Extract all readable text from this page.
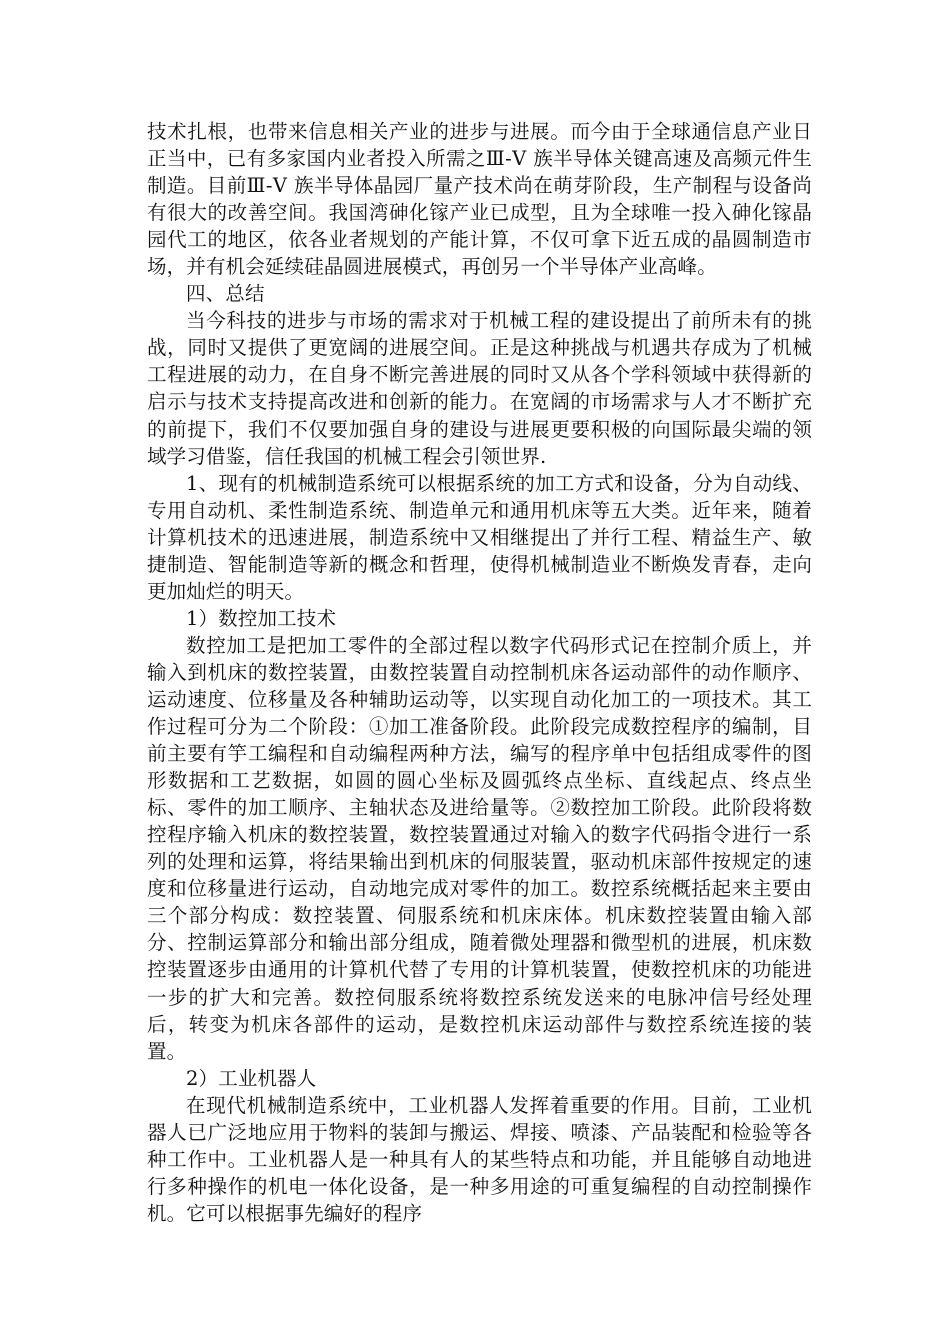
技术扎根，也带来信息相关产业的进步与进展。而今由于全球通信息产业日正当中，已有多家国内业者投入所需之Ⅲ-Ⅴ 族半导体关键高速及高频元件生制造。目前Ⅲ-Ⅴ 族半导体晶园厂量产技术尚在萌芽阶段，生产制程与设备尚有很大的改善空间。我国湾砷化镓产业已成型，且为全球唯一投入砷化镓晶园代工的地区，依各业者规划的产能计算，不仅可拿下近五成的晶圆制造市场，并有机会延续硅晶圆进展模式，再创另一个半导体产业高峰。

四、总结

当今科技的进步与市场的需求对于机械工程的建设提出了前所未有的挑战，同时又提供了更宽阔的进展空间。正是这种挑战与机遇共存成为了机械工程进展的动力，在自身不断完善进展的同时又从各个学科领域中获得新的启示与技术支持提高改进和创新的能力。在宽阔的市场需求与人才不断扩充的前提下，我们不仅要加强自身的建设与进展更要积极的向国际最尖端的领域学习借鉴，信任我国的机械工程会引领世界.

1、现有的机械制造系统可以根据系统的加工方式和设备，分为自动线、专用自动机、柔性制造系统、制造单元和通用机床等五大类。近年来，随着计算机技术的迅速进展，制造系统中又相继提出了并行工程、精益生产、敏捷制造、智能制造等新的概念和哲理，使得机械制造业不断焕发青春，走向更加灿烂的明天。

1）数控加工技术

数控加工是把加工零件的全部过程以数字代码形式记在控制介质上，并输入到机床的数控装置，由数控装置自动控制机床各运动部件的动作顺序、运动速度、位移量及各种辅助运动等，以实现自动化加工的一项技术。其工作过程可分为二个阶段：①加工准备阶段。此阶段完成数控程序的编制，目前主要有竽工编程和自动编程两种方法，编写的程序单中包括组成零件的图形数据和工艺数据，如圆的圆心坐标及圆弧终点坐标、直线起点、终点坐标、零件的加工顺序、主轴状态及进给量等。②数控加工阶段。此阶段将数控程序输入机床的数控装置，数控装置通过对输入的数字代码指令进行一系列的处理和运算，将结果输出到机床的伺服装置，驱动机床部件按规定的速度和位移量进行运动，自动地完成对零件的加工。数控系统概括起来主要由三个部分构成：数控装置、伺服系统和机床床体。机床数控装置由输入部分、控制运算部分和输出部分组成，随着微处理器和微型机的进展，机床数控装置逐步由通用的计算机代替了专用的计算机装置，使数控机床的功能进一步的扩大和完善。数控伺服系统将数控系统发送来的电脉冲信号经处理后，转变为机床各部件的运动，是数控机床运动部件与数控系统连接的装置。

2）工业机器人

在现代机械制造系统中，工业机器人发挥着重要的作用。目前，工业机器人已广泛地应用于物料的装卸与搬运、焊接、喷漆、产品装配和检验等各种工作中。工业机器人是一种具有人的某些特点和功能，并且能够自动地进行多种操作的机电一体化设备，是一种多用途的可重复编程的自动控制操作机。它可以根据事先编好的程序
